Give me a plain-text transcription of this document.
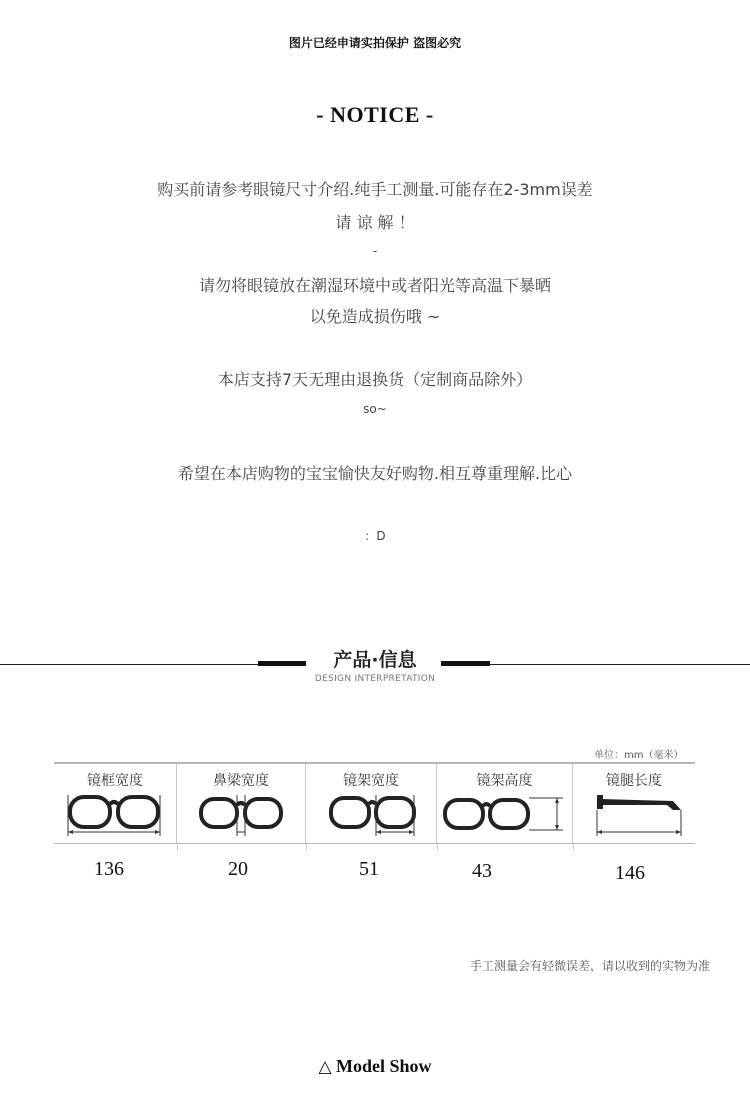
图片已经申请实拍保护 盗图必究
- NOTICE -
购买前请参考眼镜尺寸介绍.纯手工测量.可能存在2-3mm误差
请 谅 解 ！
-
请勿将眼镜放在潮湿环境中或者阳光等高温下暴晒
以免造成损伤哦 ~
本店支持7天无理由退换货（定制商品除外）
so~
希望在本店购物的宝宝愉快友好购物.相互尊重理解.比心
：D
产品·信息
DESIGN INTERPRETATION
单位：mm（毫米）
镜框宽度	鼻梁宽度	镜架宽度	镜架高度	镜腿长度
136	20	51	43	146
手工测量会有轻微误差，请以收到的实物为准
△ Model Show
